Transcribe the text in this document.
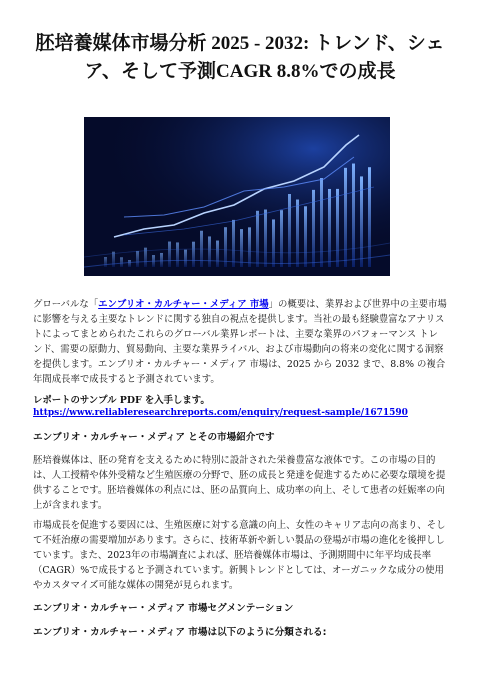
胚培養媒体市場分析 2025 - 2032: トレンド、シェア、そして予測CAGR 8.8%での成長

グローバルな「エンブリオ・カルチャー・メディア 市場」の概要は、業界および世界中の主要市場に影響を与える主要なトレンドに関する独自の視点を提供します。当社の最も経験豊富なアナリストによってまとめられたこれらのグローバル業界レポートは、主要な業界のパフォーマンス トレンド、需要の原動力、貿易動向、主要な業界ライバル、および市場動向の将来の変化に関する洞察を提供します。エンブリオ・カルチャー・メディア 市場は、2025 から 2032 まで、8.8% の複合年間成長率で成長すると予測されています。

レポートのサンプル PDF を入手します。

https://www.reliableresearchreports.com/enquiry/request-sample/1671590

エンブリオ・カルチャー・メディア とその市場紹介です

胚培養媒体は、胚の発育を支えるために特別に設計された栄養豊富な液体です。この市場の目的は、人工授精や体外受精など生殖医療の分野で、胚の成長と発達を促進するために必要な環境を提供することです。胚培養媒体の利点には、胚の品質向上、成功率の向上、そして患者の妊娠率の向上が含まれます。

市場成長を促進する要因には、生殖医療に対する意識の向上、女性のキャリア志向の高まり、そして不妊治療の需要増加があります。さらに、技術革新や新しい製品の登場が市場の進化を後押ししています。また、2023年の市場調査によれば、胚培養媒体市場は、予測期間中に年平均成長率（CAGR）%で成長すると予測されています。新興トレンドとしては、オーガニックな成分の使用やカスタマイズ可能な媒体の開発が見られます。

エンブリオ・カルチャー・メディア 市場セグメンテーション

エンブリオ・カルチャー・メディア 市場は以下のように分類される:
